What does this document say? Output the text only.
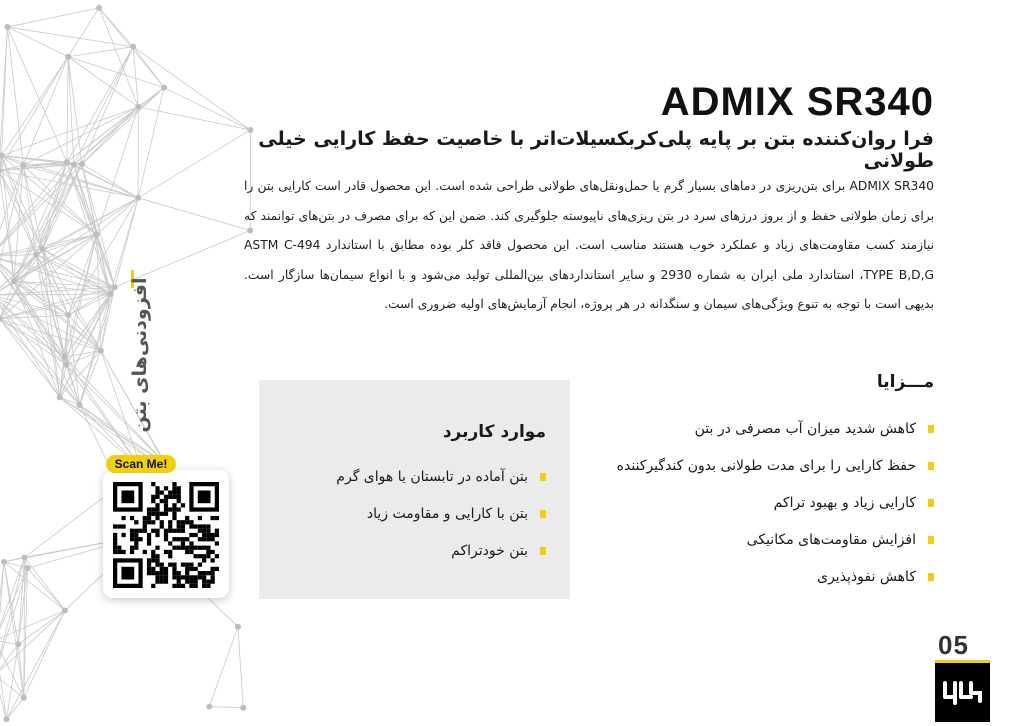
ADMIX SR340
فرا روان‌کننده بتن بر پایه پلی‌کربکسیلات‌اتر با خاصیت حفظ کارایی خیلی طولانی
ADMIX SR340 برای بتن‌ریزی در دماهای بسیار گرم یا حمل‌ونقل‌های طولانی طراحی شده است. این محصول قادر است کارایی بتن را برای زمان طولانی حفظ و از بروز درزهای سرد در بتن ریزی‌های ناپیوسته جلوگیری کند. ضمن این که برای مصرف در بتن‌های توانمند که نیازمند کسب مقاومت‌های زیاد و عملکرد خوب هستند مناسب است. این محصول فاقد کلر بوده مطابق با استاندارد ASTM C-494 TYPE B,D,G، استاندارد ملی ایران به شماره 2930 و سایر استانداردهای بین‌المللی تولید می‌شود و با انواع سیمان‌ها سازگار است. بدیهی است با توجه به تنوع ویژگی‌های سیمان و سنگدانه در هر پروژه، انجام آزمایش‌های اولیه ضروری است.
مـــزایا
کاهش شدید میزان آب مصرفی در بتن
حفظ کارایی را برای مدت طولانی بدون کندگیرکننده
کارایی زیاد و بهبود تراکم
افزایش مقاومت‌های مکانیکی
کاهش نفوذپذیری
موارد کاربرد
بتن آماده در تابستان یا هوای گرم
بتن با کارایی و مقاومت زیاد
بتن خودتراکم
افزودنی‌های بتن
Scan Me!
05
